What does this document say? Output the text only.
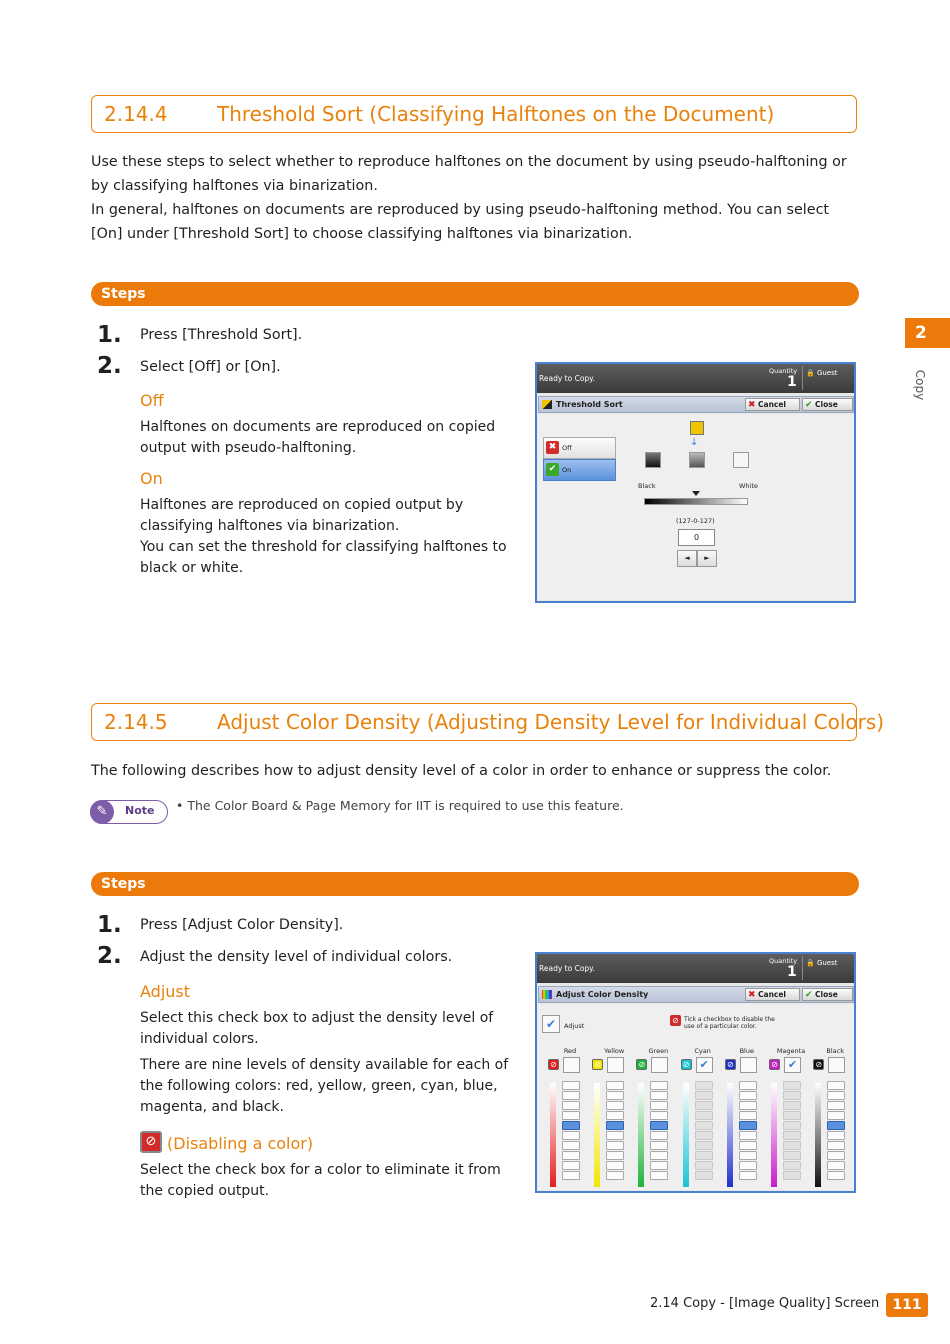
2.14.4 Threshold Sort (Classifying Halftones on the Document)

Use these steps to select whether to reproduce halftones on the document by using pseudo-halftoning or by classifying halftones via binarization.

In general, halftones on documents are reproduced by using pseudo-halftoning method. You can select [On] under [Threshold Sort] to choose classifying halftones via binarization.

Steps
1. Press [Threshold Sort].
2. Select [Off] or [On].
Off

Halftones on documents are reproduced on copied output with pseudo-halftoning.

On

Halftones are reproduced on copied output by classifying halftones via binarization.

You can set the threshold for classifying halftones to black or white.

Ready to Copy.
Quantity
1
🔒 Guest
Threshold Sort	✖ Cancel	✔ Close
✖ Off
✔ On
↓
Black	White
(127-0-127)
0
◄	►
2.14.5 Adjust Color Density (Adjusting Density Level for Individual Colors)

The following describes how to adjust density level of a color in order to enhance or suppress the color.

✎	Note • The Color Board & Page Memory for IIT is required to use this feature.
Steps
1. Press [Adjust Color Density].
2. Adjust the density level of individual colors.
Adjust

Select this check box to adjust the density level of individual colors.

There are nine levels of density available for each of the following colors: red, yellow, green, cyan, blue, magenta, and black.

⊘ (Disabling a color)

Select the check box for a color to eliminate it from the copied output.

Ready to Copy.
Quantity
1
🔒 Guest
Adjust Color Density	✖ Cancel	✔ Close
✔	Adjust
⊘ Tick a checkbox to disable the use of a particular color.
Red
⊘
Yellow
⊘
Green
⊘
Cyan
⊘ ✔
Blue
⊘
Magenta
⊘ ✔
Black
⊘
2
Copy
2.14 Copy - [Image Quality] Screen 111
